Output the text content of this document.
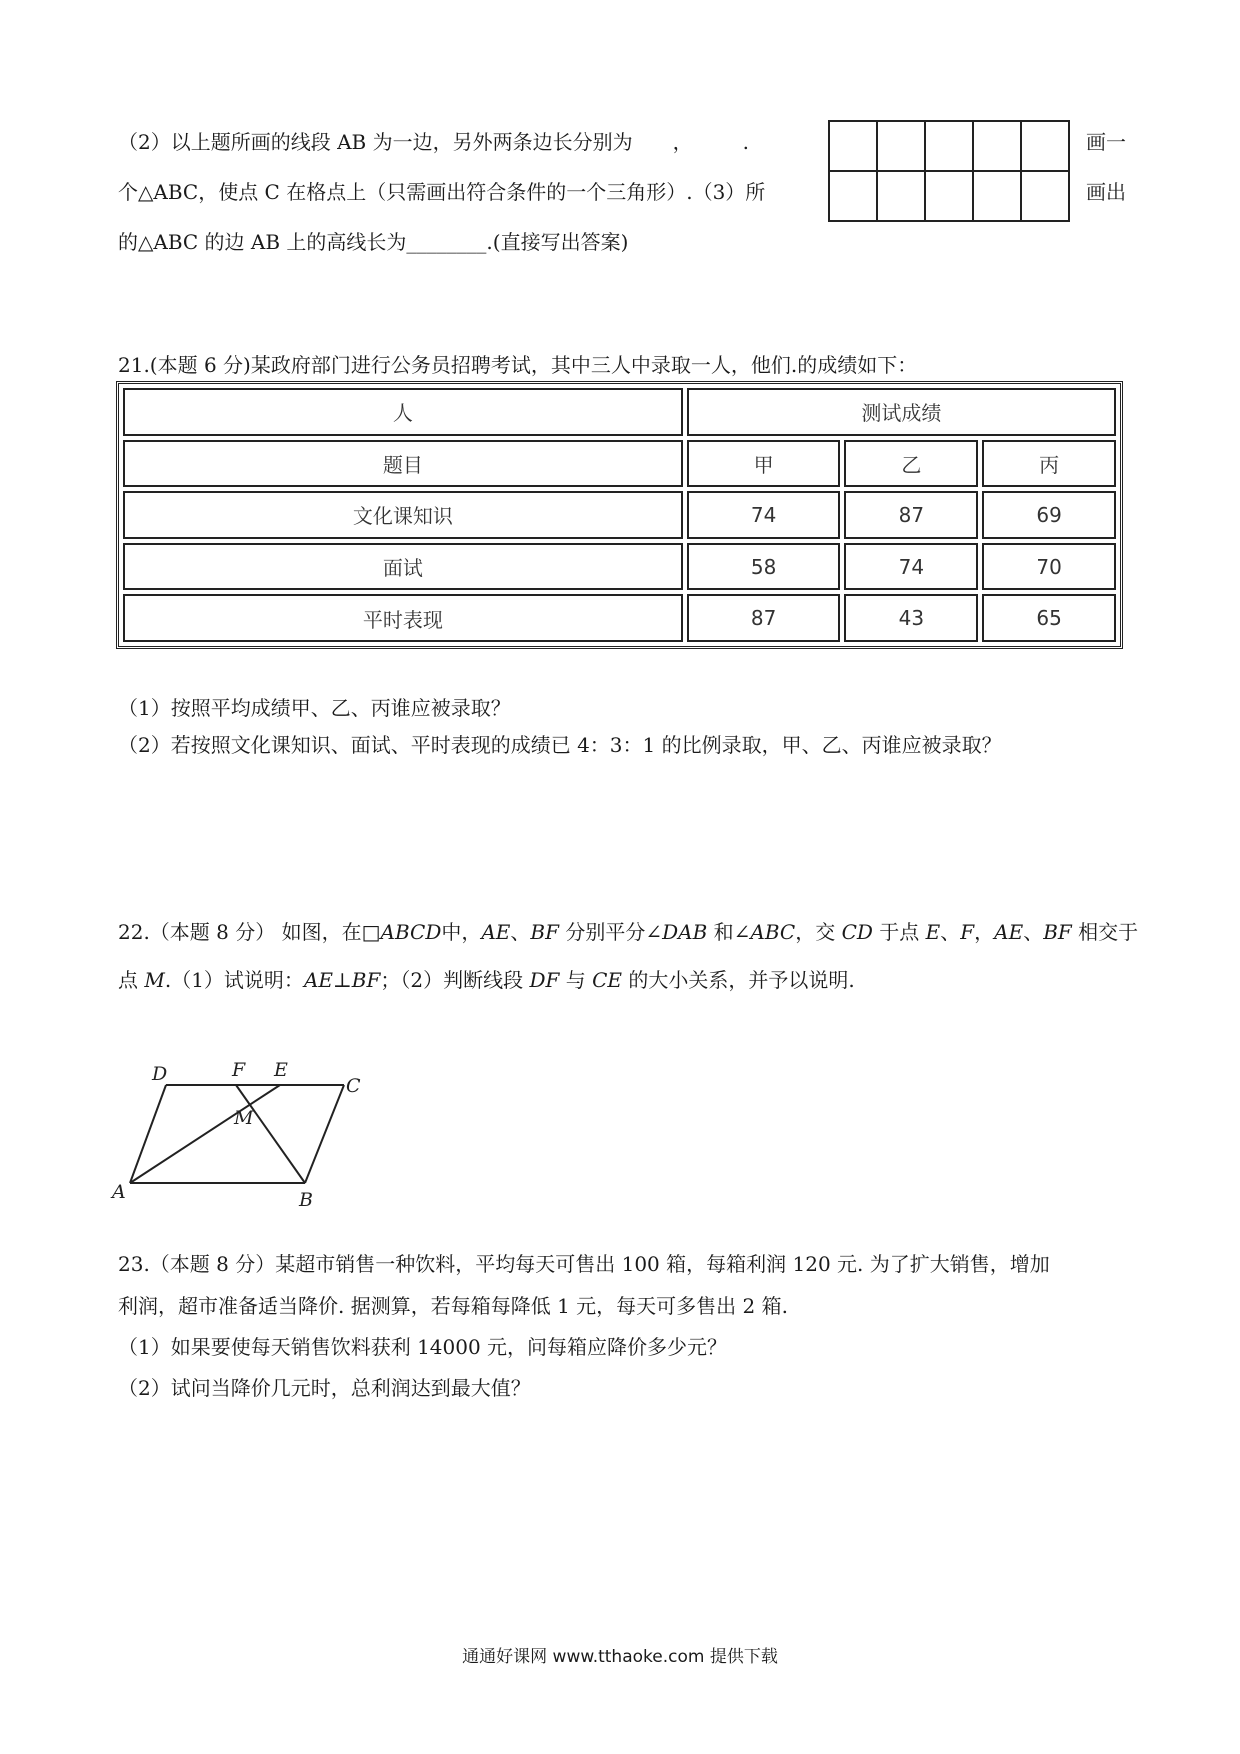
（2）以上题所画的线段 AB 为一边，另外两条边长分别为　　，　　　.
个△ABC，使点 C 在格点上（只需画出符合条件的一个三角形）.（3）所
的△ABC 的边 AB 上的高线长为________.(直接写出答案)

画一
画出
21.(本题 6 分)某政府部门进行公务员招聘考试，其中三人中录取一人，他们.的成绩如下：
人	测试成绩		
题目	甲	乙	丙
文化课知识	74	87	69
面试	58	74	70
平时表现	87	43	65
（1）按照平均成绩甲、乙、丙谁应被录取？
（2）若按照文化课知识、面试、平时表现的成绩已 4：3：1 的比例录取，甲、乙、丙谁应被录取？
22.（本题 8 分） 如图，在□ABCD中，AE、BF 分别平分∠DAB 和∠ABC，交 CD 于点 E、F，AE、BF 相交于
点 M.（1）试说明：AE⊥BF；（2）判断线段 DF 与 CE 的大小关系，并予以说明.
D	F E
C
M
A	B
23.（本题 8 分）某超市销售一种饮料，平均每天可售出 100 箱，每箱利润 120 元. 为了扩大销售，增加
利润，超市准备适当降价. 据测算，若每箱每降低 1 元，每天可多售出 2 箱.
（1）如果要使每天销售饮料获利 14000 元，问每箱应降价多少元？
（2）试问当降价几元时，总利润达到最大值？
通通好课网 www.tthaoke.com 提供下载
